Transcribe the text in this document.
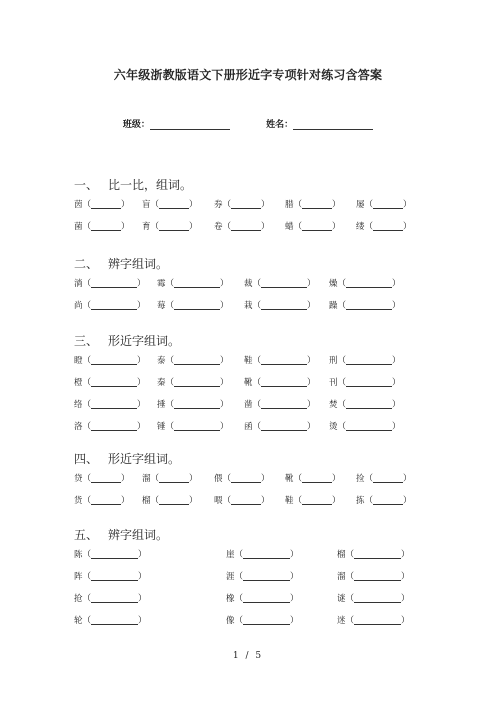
六年级浙教版语文下册形近字专项针对练习含答案
班级：	姓名：
一、 比一比，组词。
茵（	） 盲（	） 券（	） 腊（	） 屡（	）
菌（	） 育（	） 卷（	） 蜡（	） 缕（	）
二、 辨字组词。
淌（	） 霉（	） 裁（	） 燥（	）
尚（	） 莓（	） 栽（	） 躁（	）
三、 形近字组词。
瞪（	） 泰（	） 鞋（	） 刑（	）
橙（	） 秦（	） 靴（	） 刊（	）
络（	） 捶（	） 凿（	） 焚（	）
洛（	） 锤（	） 函（	） 烫（	）
四、 形近字组词。
贷（	） 溜（	） 偎（	） 靴（	） 捡（	）
货（	） 榴（	） 喂（	） 鞋（	） 拣（	）
五、 辨字组词。
陈（	）	崖（	）	榴（	）
阵（	）	涯（	）	溜（	）
抢（	）	橡（	）	谜（	）
轮（	）	像（	）	迷（	）
1 / 5
